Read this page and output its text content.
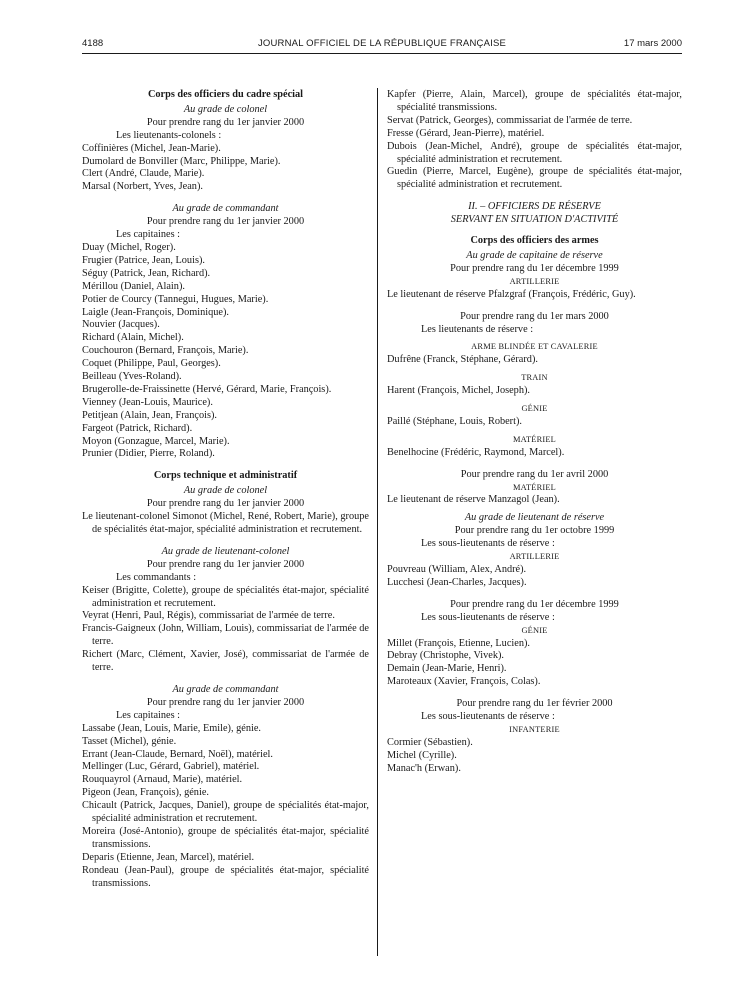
4188	JOURNAL OFFICIEL DE LA RÉPUBLIQUE FRANÇAISE	17 mars 2000

Corps des officiers du cadre spécial

Au grade de colonel

Pour prendre rang du 1er janvier 2000

Les lieutenants-colonels :

Coffinières (Michel, Jean-Marie).

Dumolard de Bonviller (Marc, Philippe, Marie).

Clert (André, Claude, Marie).

Marsal (Norbert, Yves, Jean).

Au grade de commandant

Pour prendre rang du 1er janvier 2000

Les capitaines :

Duay (Michel, Roger).

Frugier (Patrice, Jean, Louis).

Séguy (Patrick, Jean, Richard).

Mérillou (Daniel, Alain).

Potier de Courcy (Tannegui, Hugues, Marie).

Laigle (Jean-François, Dominique).

Nouvier (Jacques).

Richard (Alain, Michel).

Couchouron (Bernard, François, Marie).

Coquet (Philippe, Paul, Georges).

Beilleau (Yves-Roland).

Brugerolle-de-Fraissinette (Hervé, Gérard, Marie, François).

Vienney (Jean-Louis, Maurice).

Petitjean (Alain, Jean, François).

Fargeot (Patrick, Richard).

Moyon (Gonzague, Marcel, Marie).

Prunier (Didier, Pierre, Roland).

Corps technique et administratif

Au grade de colonel

Pour prendre rang du 1er janvier 2000

Le lieutenant-colonel Simonot (Michel, René, Robert, Marie), groupe de spécialités état-major, spécialité administration et recrutement.

Au grade de lieutenant-colonel

Pour prendre rang du 1er janvier 2000

Les commandants :

Keiser (Brigitte, Colette), groupe de spécialités état-major, spécialité administration et recrutement.

Veyrat (Henri, Paul, Régis), commissariat de l'armée de terre.

Francis-Gaigneux (John, William, Louis), commissariat de l'armée de terre.

Richert (Marc, Clément, Xavier, José), commissariat de l'armée de terre.

Au grade de commandant

Pour prendre rang du 1er janvier 2000

Les capitaines :

Lassabe (Jean, Louis, Marie, Emile), génie.

Tasset (Michel), génie.

Errant (Jean-Claude, Bernard, Noël), matériel.

Mellinger (Luc, Gérard, Gabriel), matériel.

Rouquayrol (Arnaud, Marie), matériel.

Pigeon (Jean, François), génie.

Chicault (Patrick, Jacques, Daniel), groupe de spécialités état-major, spécialité administration et recrutement.

Moreira (José-Antonio), groupe de spécialités état-major, spécialité transmissions.

Deparis (Etienne, Jean, Marcel), matériel.

Rondeau (Jean-Paul), groupe de spécialités état-major, spécialité transmissions.

Kapfer (Pierre, Alain, Marcel), groupe de spécialités état-major, spécialité transmissions.

Servat (Patrick, Georges), commissariat de l'armée de terre.

Fresse (Gérard, Jean-Pierre), matériel.

Dubois (Jean-Michel, André), groupe de spécialités état-major, spécialité administration et recrutement.

Guedin (Pierre, Marcel, Eugène), groupe de spécialités état-major, spécialité administration et recrutement.

II. – OFFICIERS DE RÉSERVE

SERVANT EN SITUATION D'ACTIVITÉ

Corps des officiers des armes

Au grade de capitaine de réserve

Pour prendre rang du 1er décembre 1999

ARTILLERIE

Le lieutenant de réserve Pfalzgraf (François, Frédéric, Guy).

Pour prendre rang du 1er mars 2000

Les lieutenants de réserve :

ARME BLINDÉE ET CAVALERIE

Dufrêne (Franck, Stéphane, Gérard).

TRAIN

Harent (François, Michel, Joseph).

GÉNIE

Paillé (Stéphane, Louis, Robert).

MATÉRIEL

Benelhocine (Frédéric, Raymond, Marcel).

Pour prendre rang du 1er avril 2000

MATÉRIEL

Le lieutenant de réserve Manzagol (Jean).

Au grade de lieutenant de réserve

Pour prendre rang du 1er octobre 1999

Les sous-lieutenants de réserve :

ARTILLERIE

Pouvreau (William, Alex, André).

Lucchesi (Jean-Charles, Jacques).

Pour prendre rang du 1er décembre 1999

Les sous-lieutenants de réserve :

GÉNIE

Millet (François, Etienne, Lucien).

Debray (Christophe, Vivek).

Demain (Jean-Marie, Henri).

Maroteaux (Xavier, François, Colas).

Pour prendre rang du 1er février 2000

Les sous-lieutenants de réserve :

INFANTERIE

Cormier (Sébastien).

Michel (Cyrille).

Manac'h (Erwan).
